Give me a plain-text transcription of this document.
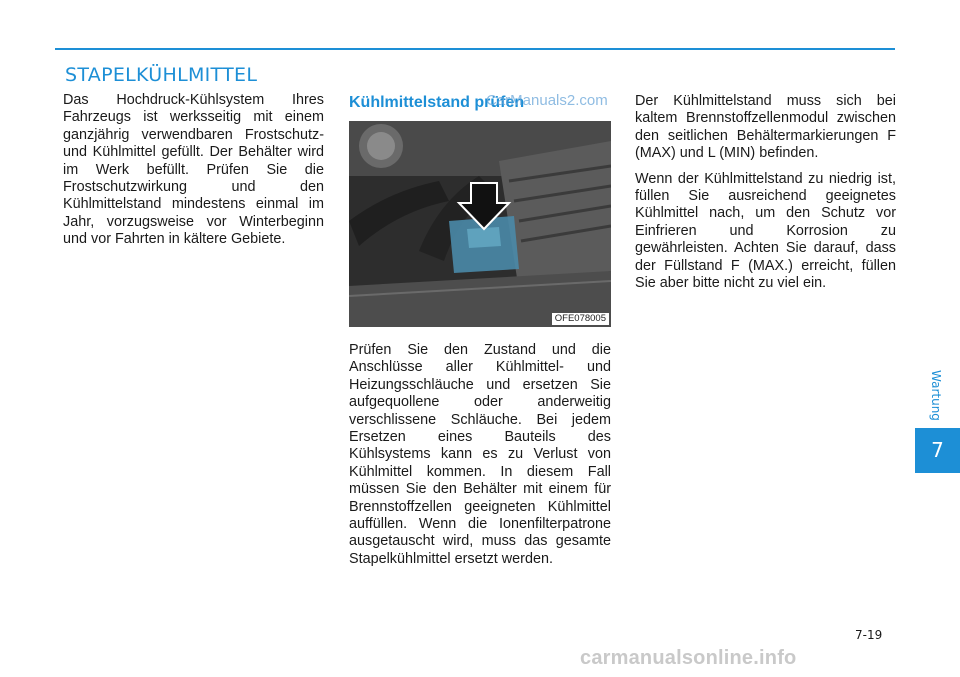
STAPELKÜHLMITTEL

Das Hochdruck-Kühlsystem Ihres Fahrzeugs ist werksseitig mit einem ganzjährig verwendbaren Frostschutz- und Kühlmittel gefüllt. Der Behälter wird im Werk befüllt. Prüfen Sie die Frostschutzwirkung und den Kühlmittelstand mindestens einmal im Jahr, vorzugsweise vor Winterbeginn und vor Fahrten in kältere Gebiete.

Kühlmittelstand prüfen
OFE078005

Prüfen Sie den Zustand und die Anschlüsse aller Kühlmittel- und Heizungsschläuche und ersetzen Sie aufgequollene oder anderweitig verschlissene Schläuche. Bei jedem Ersetzen eines Bauteils des Kühlsystems kann es zu Verlust von Kühlmittel kommen. In diesem Fall müssen Sie den Behälter mit einem für Brennstoffzellen geeigneten Kühlmittel auffüllen. Wenn die Ionenfilterpatrone ausgetauscht wird, muss das gesamte Stapelkühlmittel ersetzt werden.

Der Kühlmittelstand muss sich bei kaltem Brennstoffzellenmodul zwischen den seitlichen Behältermarkierungen F (MAX) und L (MIN) befinden.

Wenn der Kühlmittelstand zu niedrig ist, füllen Sie ausreichend geeignetes Kühlmittel nach, um den Schutz vor Einfrieren und Korrosion zu gewährleisten. Achten Sie darauf, dass der Füllstand F (MAX.) erreicht, füllen Sie aber bitte nicht zu viel ein.

CarManuals2.com
Wartung
7
7-19
carmanualsonline.info
